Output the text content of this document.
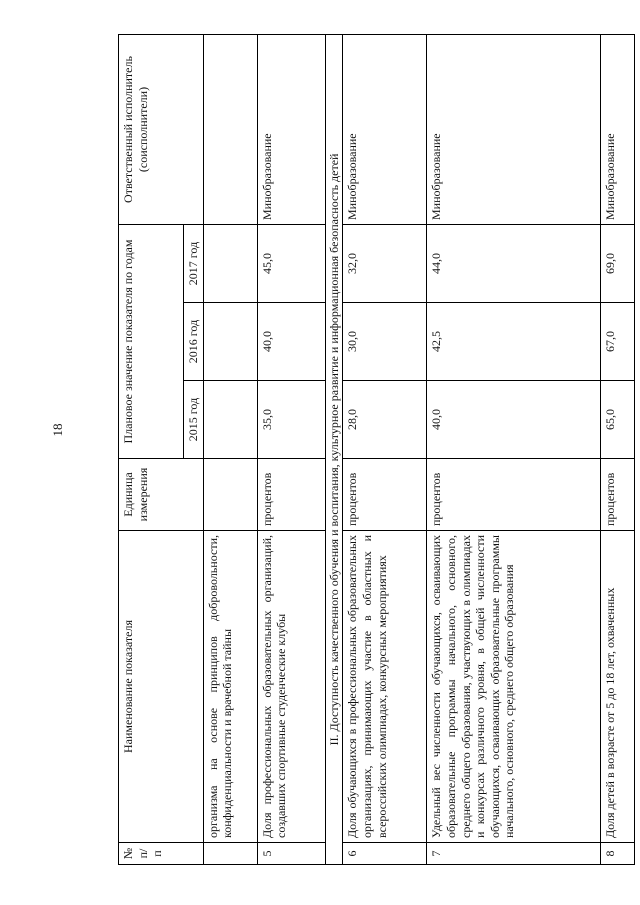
18
№ п/п	Наименование показателя	Единица измерения	Плановое значение показателя по годам			Ответственный исполнитель (соисполнители)
			2015 год	2016 год	2017 год	
	организма на основе принципов добровольности, конфиденциальности и врачебной тайны					
5	Доля профессиональных образовательных организаций, создавших спортивные студенческие клубы	процентов	35,0	40,0	45,0	Минобразование
II. Доступность качественного обучения и воспитания, культурное развитие и информационная безопасность детей						
6	Доля обучающихся в профессиональных образовательных организациях, принимающих участие в областных и всероссийских олимпиадах, конкурсных мероприятиях	процентов	28,0	30,0	32,0	Минобразование
7	Удельный вес численности обучающихся, осваивающих образовательные программы начального, основного, среднего общего образования, участвующих в олимпиадах и конкурсах различного уровня, в общей численности обучающихся, осваивающих образовательные программы начального, основного, среднего общего образования	процентов	40,0	42,5	44,0	Минобразование
8	Доля детей в возрасте от 5 до 18 лет, охваченных	процентов	65,0	67,0	69,0	Минобразование
